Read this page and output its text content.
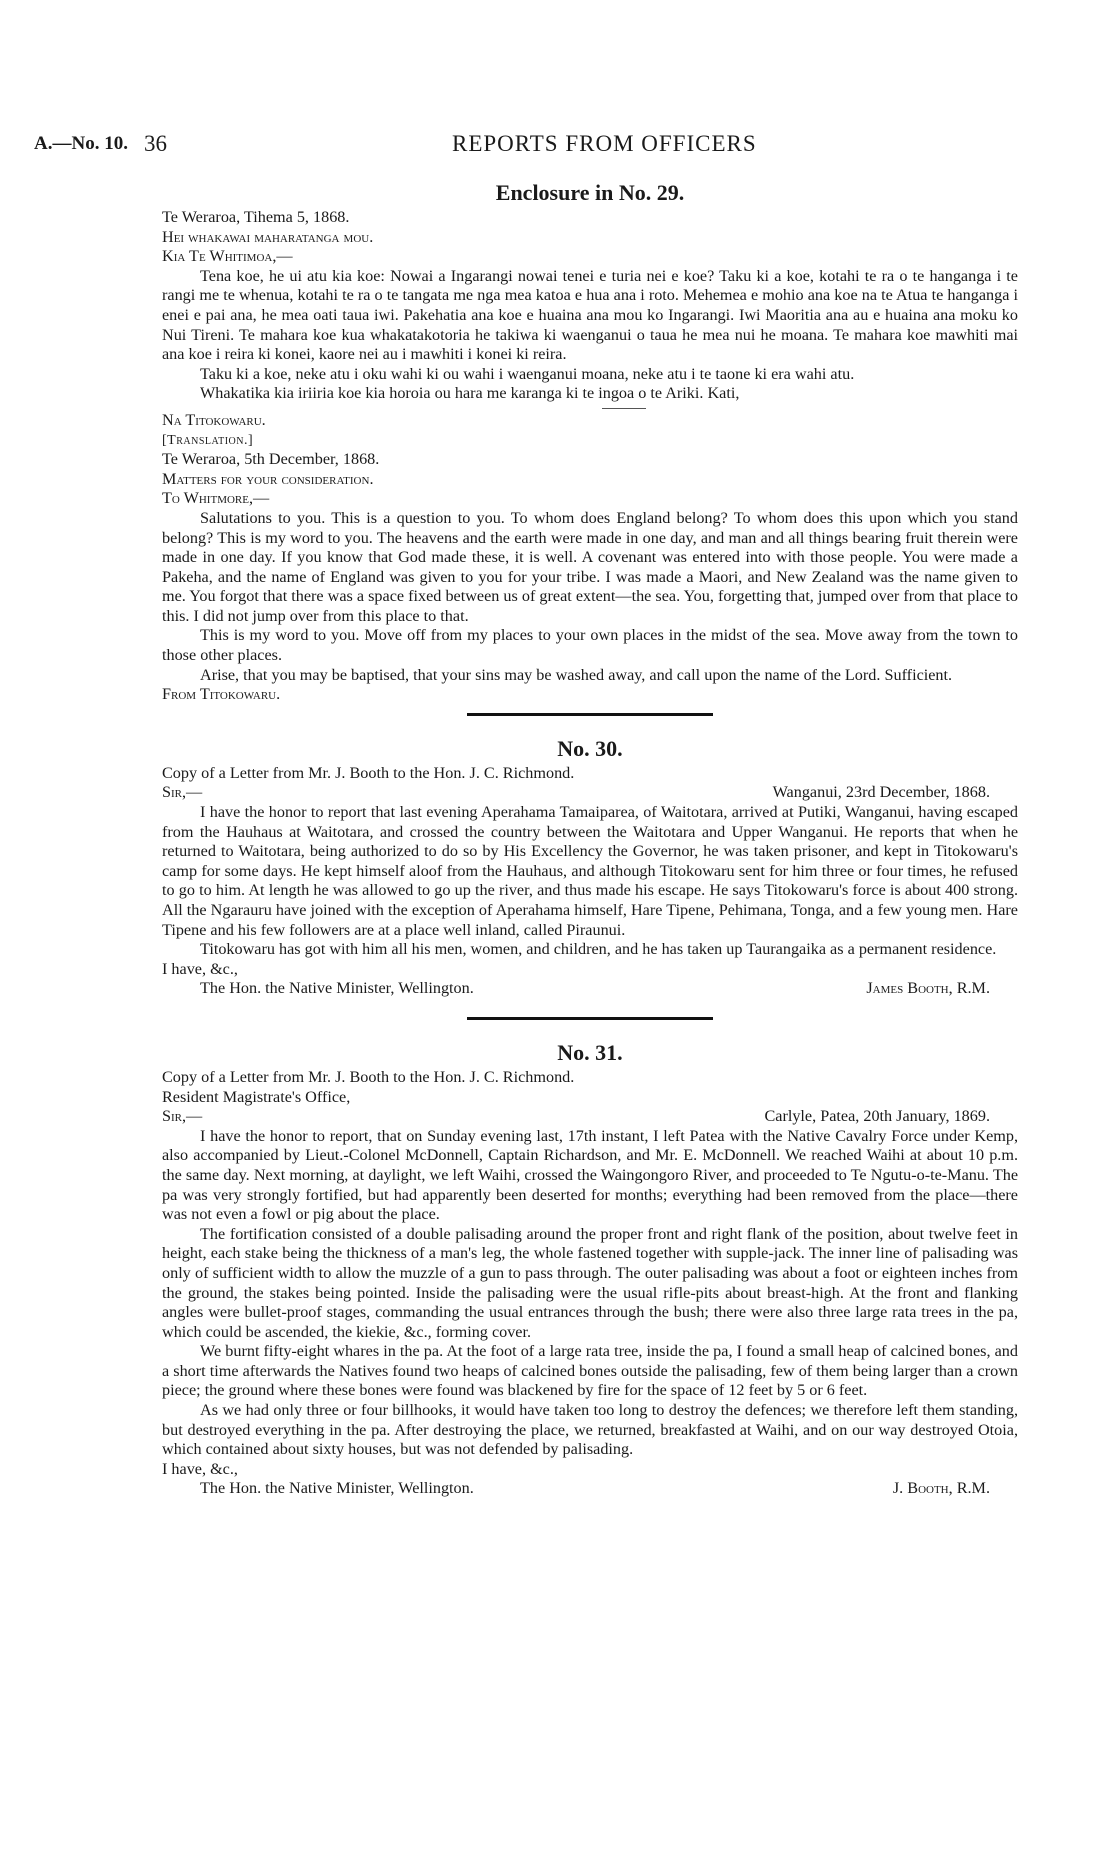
A.—No. 10. 36	REPORTS FROM OFFICERS
Enclosure in No. 29.

Te Weraroa, Tihema 5, 1868.

Hei whakawai maharatanga mou.

Kia Te Whitimoa,—

Tena koe, he ui atu kia koe: Nowai a Ingarangi nowai tenei e turia nei e koe? Taku ki a koe, kotahi te ra o te hanganga i te rangi me te whenua, kotahi te ra o te tangata me nga mea katoa e hua ana i roto. Mehemea e mohio ana koe na te Atua te hanganga i enei e pai ana, he mea oati taua iwi. Pakehatia ana koe e huaina ana mou ko Ingarangi. Iwi Maoritia ana au e huaina ana moku ko Nui Tireni. Te mahara koe kua whakatakotoria he takiwa ki waenganui o taua he mea nui he moana. Te mahara koe mawhiti mai ana koe i reira ki konei, kaore nei au i mawhiti i konei ki reira.

Taku ki a koe, neke atu i oku wahi ki ou wahi i waenganui moana, neke atu i te taone ki era wahi atu.

Whakatika kia iriiria koe kia horoia ou hara me karanga ki te ingoa o te Ariki. Kati,

Na Titokowaru.

[Translation.]

Te Weraroa, 5th December, 1868.

Matters for your consideration.

To Whitmore,—

Salutations to you. This is a question to you. To whom does England belong? To whom does this upon which you stand belong? This is my word to you. The heavens and the earth were made in one day, and man and all things bearing fruit therein were made in one day. If you know that God made these, it is well. A covenant was entered into with those people. You were made a Pakeha, and the name of England was given to you for your tribe. I was made a Maori, and New Zealand was the name given to me. You forgot that there was a space fixed between us of great extent—the sea. You, forgetting that, jumped over from that place to this. I did not jump over from this place to that.

This is my word to you. Move off from my places to your own places in the midst of the sea. Move away from the town to those other places.

Arise, that you may be baptised, that your sins may be washed away, and call upon the name of the Lord. Sufficient.

From Titokowaru.

No. 30.

Copy of a Letter from Mr. J. Booth to the Hon. J. C. Richmond.

Sir,—	Wanganui, 23rd December, 1868.

I have the honor to report that last evening Aperahama Tamaiparea, of Waitotara, arrived at Putiki, Wanganui, having escaped from the Hauhaus at Waitotara, and crossed the country between the Waitotara and Upper Wanganui. He reports that when he returned to Waitotara, being authorized to do so by His Excellency the Governor, he was taken prisoner, and kept in Titokowaru's camp for some days. He kept himself aloof from the Hauhaus, and although Titokowaru sent for him three or four times, he refused to go to him. At length he was allowed to go up the river, and thus made his escape. He says Titokowaru's force is about 400 strong. All the Ngarauru have joined with the exception of Aperahama himself, Hare Tipene, Pehimana, Tonga, and a few young men. Hare Tipene and his few followers are at a place well inland, called Piraunui.

Titokowaru has got with him all his men, women, and children, and he has taken up Taurangaika as a permanent residence.

I have, &c.,

The Hon. the Native Minister, Wellington.	James Booth, R.M.
No. 31.

Copy of a Letter from Mr. J. Booth to the Hon. J. C. Richmond.

Resident Magistrate's Office,

Sir,—	Carlyle, Patea, 20th January, 1869.

I have the honor to report, that on Sunday evening last, 17th instant, I left Patea with the Native Cavalry Force under Kemp, also accompanied by Lieut.-Colonel McDonnell, Captain Richardson, and Mr. E. McDonnell. We reached Waihi at about 10 p.m. the same day. Next morning, at daylight, we left Waihi, crossed the Waingongoro River, and proceeded to Te Ngutu-o-te-Manu. The pa was very strongly fortified, but had apparently been deserted for months; everything had been removed from the place—there was not even a fowl or pig about the place.

The fortification consisted of a double palisading around the proper front and right flank of the position, about twelve feet in height, each stake being the thickness of a man's leg, the whole fastened together with supple-jack. The inner line of palisading was only of sufficient width to allow the muzzle of a gun to pass through. The outer palisading was about a foot or eighteen inches from the ground, the stakes being pointed. Inside the palisading were the usual rifle-pits about breast-high. At the front and flanking angles were bullet-proof stages, commanding the usual entrances through the bush; there were also three large rata trees in the pa, which could be ascended, the kiekie, &c., forming cover.

We burnt fifty-eight whares in the pa. At the foot of a large rata tree, inside the pa, I found a small heap of calcined bones, and a short time afterwards the Natives found two heaps of calcined bones outside the palisading, few of them being larger than a crown piece; the ground where these bones were found was blackened by fire for the space of 12 feet by 5 or 6 feet.

As we had only three or four billhooks, it would have taken too long to destroy the defences; we therefore left them standing, but destroyed everything in the pa. After destroying the place, we returned, breakfasted at Waihi, and on our way destroyed Otoia, which contained about sixty houses, but was not defended by palisading.

I have, &c.,

The Hon. the Native Minister, Wellington.	J. Booth, R.M.
